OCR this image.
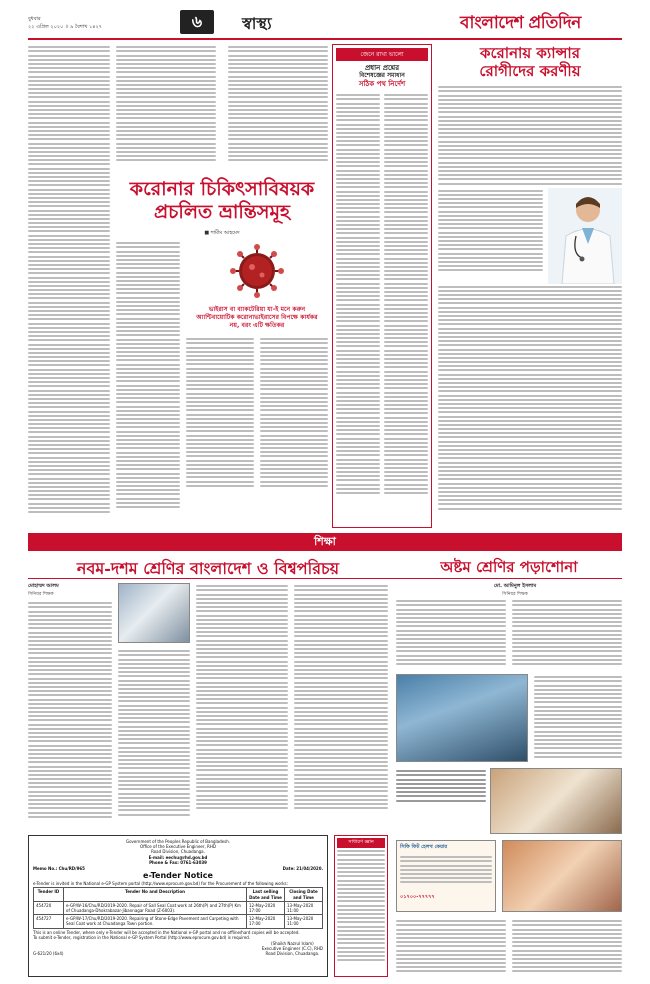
বুধবার
২২ এপ্রিল ২০২০ ।। ৯ বৈশাখ ১৪২৭	৬ স্বাস্থ্য	বাংলাদেশ প্রতিদিন
করোনার চিকিৎসাবিষয়ক
প্রচলিত ভ্রান্তিসমূহ
■ শামীম আহমেদ
ভাইরাস বা ব্যাকটেরিয়া যা-ই মনে করুন অ্যান্টিবায়োটিক করোনাভাইরাসের বিপক্ষে কার্যকর নয়, বরং এটি ক্ষতিকর
জেনে রাখা ভালো
প্রধান প্রশ্নের
বিশেষজ্ঞের সমাধান
সঠিক পথ নির্দেশ
করোনায় ক্যান্সার
রোগীদের করণীয়
শিক্ষা
নবম-দশম শ্রেণির বাংলাদেশ ও বিশ্বপরিচয়	অষ্টম শ্রেণির পড়াশোনা
মোহাম্মদ আলম
সিনিয়র শিক্ষক
Government of the Peoples Republic of Bangladesh.
Office of the Executive Engineer, RHD
Road Division, Chuadanga.
E-mail: eechu@rhd.gov.bd
Phone & Fax: 0761-63039
Memo No.: Chu/RD/965	Date: 21/04/2020.
e-Tender Notice
e-Tender is invited in the National e-GP System portal (http://www.eprocure.gov.bd) for the Procurement of the following works:
Tender ID	Tender No and Description	Last selling Date and Time	Closing Date and Time
454720	e-GP/W-16/Chu/RD/2019-2020. Repair of Sall Seal Coat work at 26th(P) and 27th(P) Km of Chuadanga-Dhokrabazar-Jibannagar Road (Z-6003).	12-May-2020 17:00	13-May-2020 11:00
454727	e-GP/W-17/Chu/RD/2019-2020. Repairing of Stone-Edge Pavement and Carpeting with Seal Coat work at Chuadanga Town portion.	12-May-2020 17:00	13-May-2020 11:00
This is an online Tender, where only e-Tender will be accepted in the National e-GP portal and no offline/hard copies will be accepted.
To submit e-Tender, registration in the National e-GP System Portal (http://www.eprocure.gov.bd) is required.
G-621/20 (6x4)
(Shaikh Nazrul Islam)
Executive Engineer (C.C), RHD
Road Division, Chuadanga.
সাধারণ জ্ঞান
মো. আমিনুল ইসলাম
সিনিয়র শিক্ষক
সিফি ফিট হেলথ কেয়ার
০১৭০০-৭৭৭৭৭
